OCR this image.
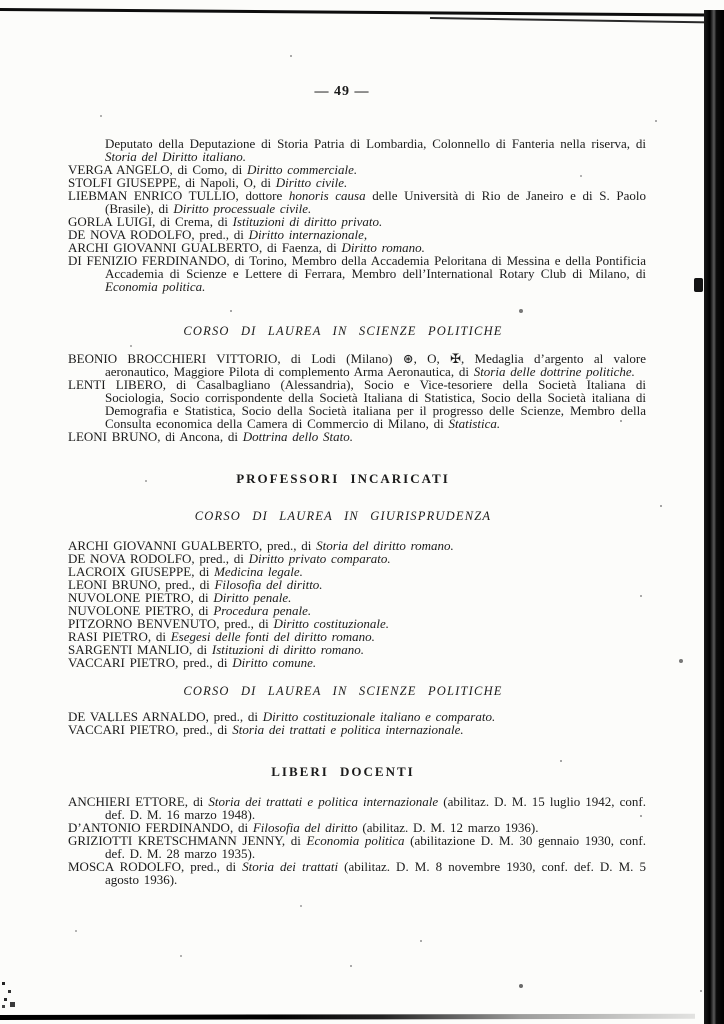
— 49 —

Deputato della Deputazione di Storia Patria di Lombardia, Colonnello di Fanteria nella riserva, di Storia del Diritto italiano.

VERGA ANGELO, di Como, di Diritto commerciale.

STOLFI GIUSEPPE, di Napoli, O, di Diritto civile.

LIEBMAN ENRICO TULLIO, dottore honoris causa delle Università di Rio de Janeiro e di S. Paolo (Brasile), di Diritto processuale civile.

GORLA LUIGI, di Crema, di Istituzioni di diritto privato.

DE NOVA RODOLFO, pred., di Diritto internazionale,

ARCHI GIOVANNI GUALBERTO, di Faenza, di Diritto romano.

DI FENIZIO FERDINANDO, di Torino, Membro della Accademia Peloritana di Messina e della Pontificia Accademia di Scienze e Lettere di Ferrara, Membro dell’International Rotary Club di Milano, di Economia politica.

CORSO DI LAUREA IN SCIENZE POLITICHE

BEONIO BROCCHIERI VITTORIO, di Lodi (Milano) ⊛, O, ✠, Medaglia d’argento al valore aeronautico, Maggiore Pilota di complemento Arma Aeronautica, di Storia delle dottrine politiche.

LENTI LIBERO, di Casalbagliano (Alessandria), Socio e Vice-tesoriere della Società Italiana di Sociologia, Socio corrispondente della Società Italiana di Statistica, Socio della Società italiana di Demografia e Statistica, Socio della Società italiana per il progresso delle Scienze, Membro della Consulta economica della Camera di Commercio di Milano, di Statistica.

LEONI BRUNO, di Ancona, di Dottrina dello Stato.

PROFESSORI INCARICATI
CORSO DI LAUREA IN GIURISPRUDENZA

ARCHI GIOVANNI GUALBERTO, pred., di Storia del diritto romano.

DE NOVA RODOLFO, pred., di Diritto privato comparato.

LACROIX GIUSEPPE, di Medicina legale.

LEONI BRUNO, pred., di Filosofia del diritto.

NUVOLONE PIETRO, di Diritto penale.

NUVOLONE PIETRO, di Procedura penale.

PITZORNO BENVENUTO, pred., di Diritto costituzionale.

RASI PIETRO, di Esegesi delle fonti del diritto romano.

SARGENTI MANLIO, di Istituzioni di diritto romano.

VACCARI PIETRO, pred., di Diritto comune.

CORSO DI LAUREA IN SCIENZE POLITICHE

DE VALLES ARNALDO, pred., di Diritto costituzionale italiano e comparato.

VACCARI PIETRO, pred., di Storia dei trattati e politica internazionale.

LIBERI DOCENTI

ANCHIERI ETTORE, di Storia dei trattati e politica internazionale (abilitaz. D. M. 15 luglio 1942, conf. def. D. M. 16 marzo 1948).

D’ANTONIO FERDINANDO, di Filosofia del diritto (abilitaz. D. M. 12 marzo 1936).

GRIZIOTTI KRETSCHMANN JENNY, di Economia politica (abilitazione D. M. 30 gennaio 1930, conf. def. D. M. 28 marzo 1935).

MOSCA RODOLFO, pred., di Storia dei trattati (abilitaz. D. M. 8 novembre 1930, conf. def. D. M. 5 agosto 1936).
